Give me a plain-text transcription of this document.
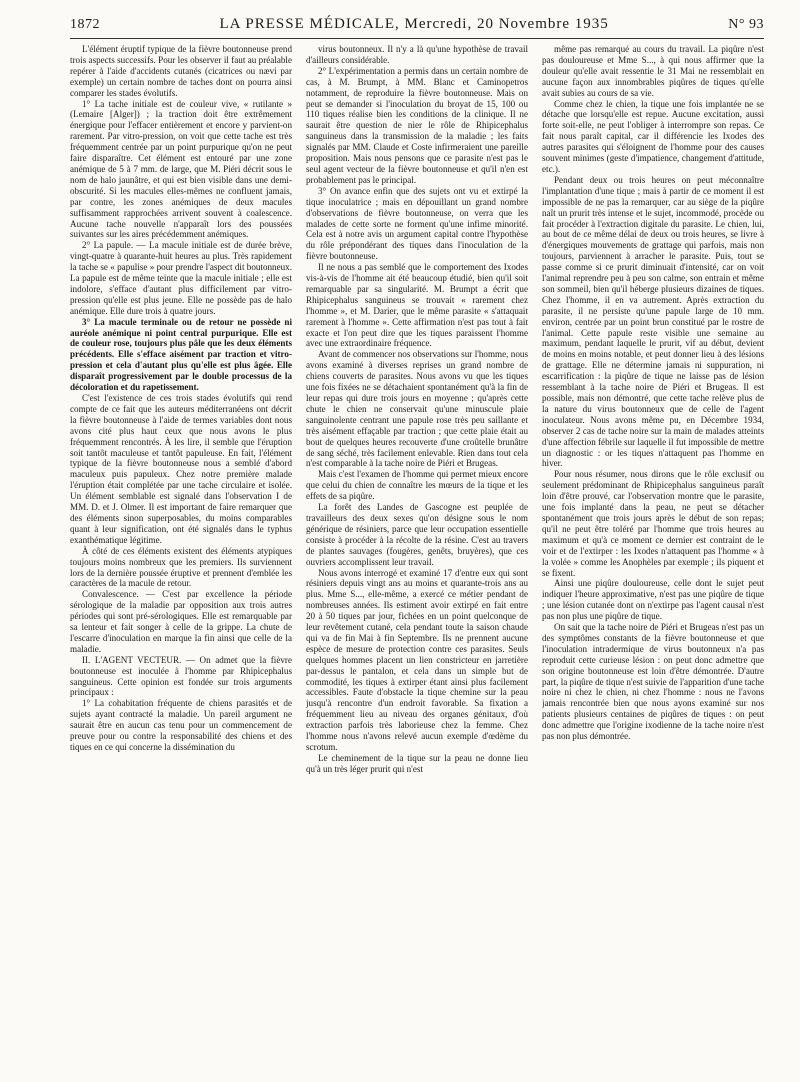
1872	LA PRESSE MÉDICALE, Mercredi, 20 Novembre 1935	N° 93

L'élément éruptif typique de la fièvre boutonneuse prend trois aspects successifs. Pour les observer il faut au préalable repérer à l'aide d'accidents cutanés (cicatrices ou nævi par exemple) un certain nombre de taches dont on pourra ainsi comparer les stades évolutifs.

1° La tache initiale est de couleur vive, « rutilante » (Lemaire [Alger]) ; la traction doit être extrêmement énergique pour l'effacer entièrement et encore y parvient-on rarement. Par vitro-pression, on voit que cette tache est très fréquemment centrée par un point purpurique qu'on ne peut faire disparaître. Cet élément est entouré par une zone anémique de 5 à 7 mm. de large, que M. Piéri décrit sous le nom de halo jaunâtre, et qui est bien visible dans une demi-obscurité. Si les macules elles-mêmes ne confluent jamais, par contre, les zones anémiques de deux macules suffisamment rapprochées arrivent souvent à coalescence. Aucune tache nouvelle n'apparaît lors des poussées suivantes sur les aires précédemment anémiques.

2° La papule. — La macule initiale est de durée brève, vingt-quatre à quarante-huit heures au plus. Très rapidement la tache se « papulise » pour prendre l'aspect dit boutonneux. La papule est de même teinte que la macule initiale ; elle est indolore, s'efface d'autant plus difficilement par vitro-pression qu'elle est plus jeune. Elle ne possède pas de halo anémique. Elle dure trois à quatre jours.

3° La macule terminale ou de retour ne possède ni auréole anémique ni point central purpurique. Elle est de couleur rose, toujours plus pâle que les deux éléments précédents. Elle s'efface aisément par traction et vitro-pression et cela d'autant plus qu'elle est plus âgée. Elle disparaît progressivement par le double processus de la décoloration et du rapetissement.

C'est l'existence de ces trois stades évolutifs qui rend compte de ce fait que les auteurs méditerranéens ont décrit la fièvre boutonneuse à l'aide de termes variables dont nous avons cité plus haut ceux que nous avons le plus fréquemment rencontrés. À les lire, il semble que l'éruption soit tantôt maculeuse et tantôt papuleuse. En fait, l'élément typique de la fièvre boutonneuse nous a semblé d'abord maculeux puis papuleux. Chez notre première malade l'éruption était complétée par une tache circulaire et isolée. Un élément semblable est signalé dans l'observation I de MM. D. et J. Olmer. Il est important de faire remarquer que des éléments sinon superposables, du moins comparables quant à leur signification, ont été signalés dans le typhus exanthématique légitime.

À côté de ces éléments existent des éléments atypiques toujours moins nombreux que les premiers. Ils surviennent lors de la dernière poussée éruptive et prennent d'emblée les caractères de la macule de retour.

Convalescence. — C'est par excellence la période sérologique de la maladie par opposition aux trois autres périodes qui sont pré-sérologiques. Elle est remarquable par sa lenteur et fait songer à celle de la grippe. La chute de l'escarre d'inoculation en marque la fin ainsi que celle de la maladie.

II. L'AGENT VECTEUR. — On admet que la fièvre boutonneuse est inoculée à l'homme par Rhipicephalus sanguineus. Cette opinion est fondée sur trois arguments principaux :

1° La cohabitation fréquente de chiens parasités et de sujets ayant contracté la maladie. Un pareil argument ne saurait être en aucun cas tenu pour un commencement de preuve pour ou contre la responsabilité des chiens et des tiques en ce qui concerne la dissémination du

virus boutonneux. Il n'y a là qu'une hypothèse de travail d'ailleurs considérable.

2° L'expérimentation a permis dans un certain nombre de cas, à M. Brumpt, à MM. Blanc et Caminopetros notamment, de reproduire la fièvre boutonneuse. Mais on peut se demander si l'inoculation du broyat de 15, 100 ou 110 tiques réalise bien les conditions de la clinique. Il ne saurait être question de nier le rôle de Rhipicephalus sanguineus dans la transmission de la maladie ; les faits signalés par MM. Claude et Coste infirmeraient une pareille proposition. Mais nous pensons que ce parasite n'est pas le seul agent vecteur de la fièvre boutonneuse et qu'il n'en est probablement pas le principal.

3° On avance enfin que des sujets ont vu et extirpé la tique inoculatrice ; mais en dépouillant un grand nombre d'observations de fièvre boutonneuse, on verra que les malades de cette sorte ne forment qu'une infime minorité. Cela est à notre avis un argument capital contre l'hypothèse du rôle prépondérant des tiques dans l'inoculation de la fièvre boutonneuse.

Il ne nous a pas semblé que le comportement des Ixodes vis-à-vis de l'homme ait été beaucoup étudié, bien qu'il soit remarquable par sa singularité. M. Brumpt a écrit que Rhipicephalus sanguineus se trouvait « rarement chez l'homme », et M. Darier, que le même parasite « s'attaquait rarement à l'homme ». Cette affirmation n'est pas tout à fait exacte et l'on peut dire que les tiques paraissent l'homme avec une extraordinaire fréquence.

Avant de commencer nos observations sur l'homme, nous avons examiné à diverses reprises un grand nombre de chiens couverts de parasites. Nous avons vu que les tiques une fois fixées ne se détachaient spontanément qu'à la fin de leur repas qui dure trois jours en moyenne ; qu'après cette chute le chien ne conservait qu'une minuscule plaie sanguinolente centrant une papule rose très peu saillante et très aisément effaçable par traction ; que cette plaie était au bout de quelques heures recouverte d'une croûtelle brunâtre de sang séché, très facilement enlevable. Rien dans tout cela n'est comparable à la tache noire de Piéri et Brugeas.

Mais c'est l'examen de l'homme qui permet mieux encore que celui du chien de connaître les mœurs de la tique et les effets de sa piqûre.

La forêt des Landes de Gascogne est peuplée de travailleurs des deux sexes qu'on désigne sous le nom générique de résiniers, parce que leur occupation essentielle consiste à procéder à la récolte de la résine. C'est au travers de plantes sauvages (fougères, genêts, bruyères), que ces ouvriers accomplissent leur travail.

Nous avons interrogé et examiné 17 d'entre eux qui sont résiniers depuis vingt ans au moins et quarante-trois ans au plus. Mme S..., elle-même, a exercé ce métier pendant de nombreuses années. Ils estiment avoir extirpé en fait entre 20 à 50 tiques par jour, fichées en un point quelconque de leur revêtement cutané, cela pendant toute la saison chaude qui va de fin Mai à fin Septembre. Ils ne prennent aucune espèce de mesure de protection contre ces parasites. Seuls quelques hommes placent un lien constricteur en jarretière par-dessus le pantalon, et cela dans un simple but de commodité, les tiques à extirper étant ainsi plus facilement accessibles. Faute d'obstacle la tique chemine sur la peau jusqu'à rencontre d'un endroit favorable. Sa fixation a fréquemment lieu au niveau des organes génitaux, d'où extraction parfois très laborieuse chez la femme. Chez l'homme nous n'avons relevé aucun exemple d'œdème du scrotum.

Le cheminement de la tique sur la peau ne donne lieu qu'à un très léger prurit qui n'est

même pas remarqué au cours du travail. La piqûre n'est pas douloureuse et Mme S..., à qui nous affirmer que la douleur qu'elle avait ressentie le 31 Mai ne ressemblait en aucune façon aux innombrables piqûres de tiques qu'elle avait subies au cours de sa vie.

Comme chez le chien, la tique une fois implantée ne se détache que lorsqu'elle est repue. Aucune excitation, aussi forte soit-elle, ne peut l'obliger à interrompre son repas. Ce fait nous paraît capital, car il différencie les Ixodes des autres parasites qui s'éloignent de l'homme pour des causes souvent minimes (geste d'impatience, changement d'attitude, etc.).

Pendant deux ou trois heures on peut méconnaître l'implantation d'une tique ; mais à partir de ce moment il est impossible de ne pas la remarquer, car au siège de la piqûre naît un prurit très intense et le sujet, incommodé, procède ou fait procéder à l'extraction digitale du parasite. Le chien, lui, au bout de ce même délai de deux ou trois heures, se livre à d'énergiques mouvements de grattage qui parfois, mais non toujours, parviennent à arracher le parasite. Puis, tout se passe comme si ce prurit diminuait d'intensité, car on voit l'animal reprendre peu à peu son calme, son entrain et même son sommeil, bien qu'il héberge plusieurs dizaines de tiques. Chez l'homme, il en va autrement. Après extraction du parasite, il ne persiste qu'une papule large de 10 mm. environ, centrée par un point brun constitué par le rostre de l'animal. Cette papule reste visible une semaine au maximum, pendant laquelle le prurit, vif au début, devient de moins en moins notable, et peut donner lieu à des lésions de grattage. Elle ne détermine jamais ni suppuration, ni escarrification : la piqûre de tique ne laisse pas de lésion ressemblant à la tache noire de Piéri et Brugeas. Il est possible, mais non démontré, que cette tache relève plus de la nature du virus boutonneux que de celle de l'agent inoculateur. Nous avons même pu, en Décembre 1934, observer 2 cas de tache noire sur la main de malades atteints d'une affection fébrile sur laquelle il fut impossible de mettre un diagnostic : or les tiques n'attaquent pas l'homme en hiver.

Pour nous résumer, nous dirons que le rôle exclusif ou seulement prédominant de Rhipicephalus sanguineus paraît loin d'être prouvé, car l'observation montre que le parasite, une fois implanté dans la peau, ne peut se détacher spontanément que trois jours après le début de son repas; qu'il ne peut être toléré par l'homme que trois heures au maximum et qu'à ce moment ce dernier est contraint de le voir et de l'extirper : les Ixodes n'attaquent pas l'homme « à la volée » comme les Anophèles par exemple ; ils piquent et se fixent.

Ainsi une piqûre douloureuse, celle dont le sujet peut indiquer l'heure approximative, n'est pas une piqûre de tique ; une lésion cutanée dont on n'extirpe pas l'agent causal n'est pas non plus une piqûre de tique.

On sait que la tache noire de Piéri et Brugeas n'est pas un des symptômes constants de la fièvre boutonneuse et que l'inoculation intradermique de virus boutonneux n'a pas reproduit cette curieuse lésion : on peut donc admettre que son origine boutonneuse est loin d'être démontrée. D'autre part, la piqûre de tique n'est suivie de l'apparition d'une tache noire ni chez le chien, ni chez l'homme : nous ne l'avons jamais rencontrée bien que nous ayons examiné sur nos patients plusieurs centaines de piqûres de tiques : on peut donc admettre que l'origine ixodienne de la tache noire n'est pas non plus démontrée.
